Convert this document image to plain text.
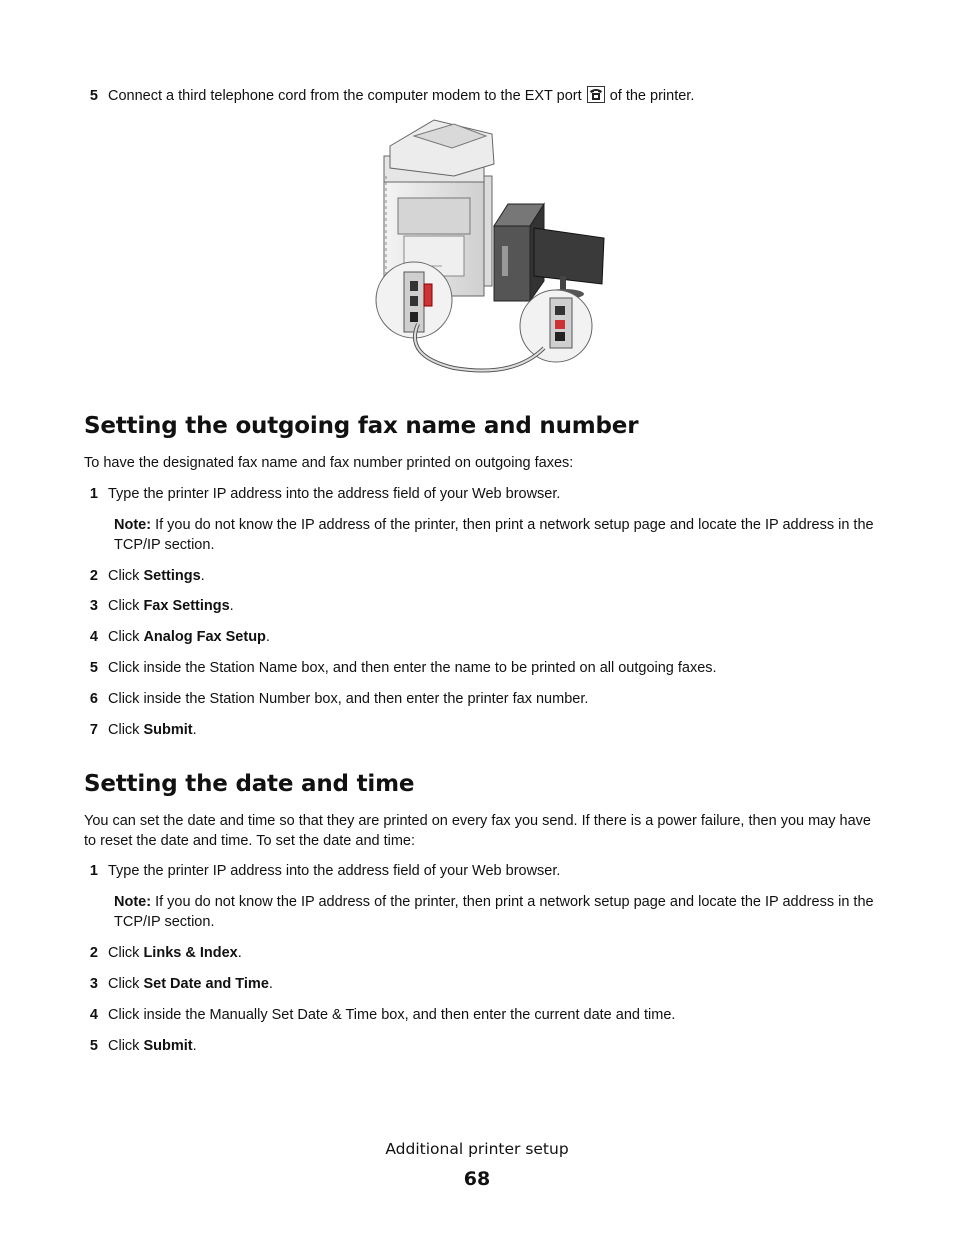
5 Connect a third telephone cord from the computer modem to the EXT port of the printer.
Setting the outgoing fax name and number
To have the designated fax name and fax number printed on outgoing faxes:
1 Type the printer IP address into the address field of your Web browser.
Note: If you do not know the IP address of the printer, then print a network setup page and locate the IP address in the TCP/IP section.
2 Click Settings.
3 Click Fax Settings.
4 Click Analog Fax Setup.
5 Click inside the Station Name box, and then enter the name to be printed on all outgoing faxes.
6 Click inside the Station Number box, and then enter the printer fax number.
7 Click Submit.
Setting the date and time
You can set the date and time so that they are printed on every fax you send. If there is a power failure, then you may have to reset the date and time. To set the date and time:
1 Type the printer IP address into the address field of your Web browser.
Note: If you do not know the IP address of the printer, then print a network setup page and locate the IP address in the TCP/IP section.
2 Click Links & Index.
3 Click Set Date and Time.
4 Click inside the Manually Set Date & Time box, and then enter the current date and time.
5 Click Submit.
Additional printer setup
68
